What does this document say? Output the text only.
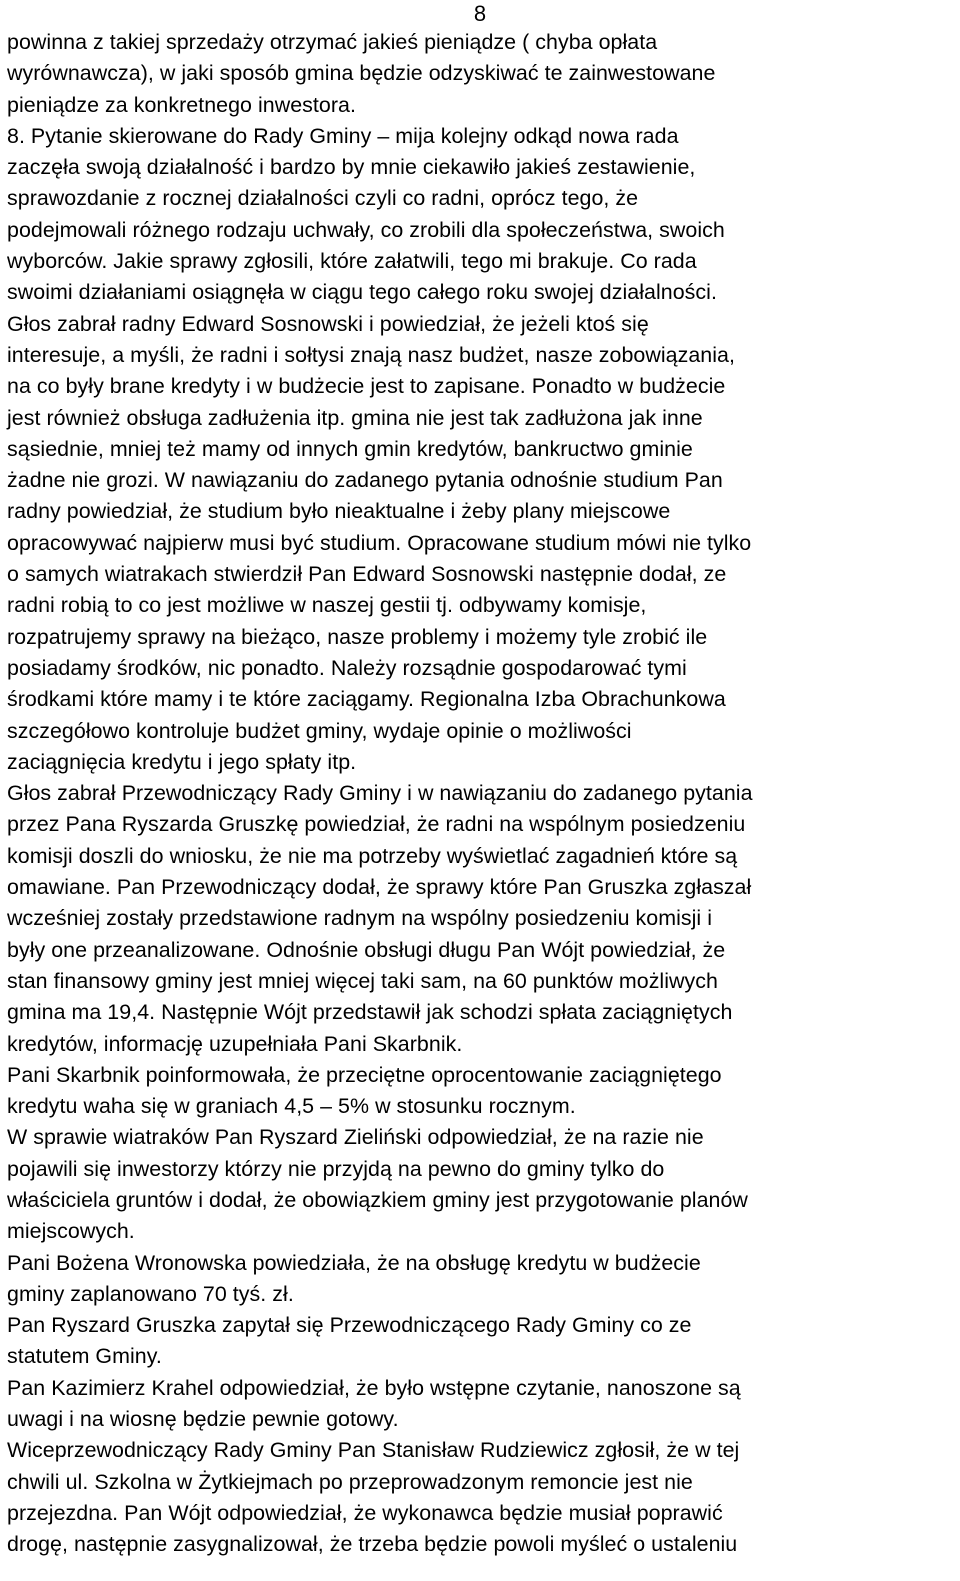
8
powinna z takiej sprzedaży otrzymać jakieś pieniądze ( chyba opłata
wyrównawcza), w jaki sposób gmina będzie odzyskiwać te zainwestowane
pieniądze za konkretnego inwestora.
8. Pytanie skierowane do Rady Gminy – mija kolejny odkąd nowa rada
zaczęła swoją działalność i bardzo by mnie ciekawiło jakieś zestawienie,
sprawozdanie z rocznej działalności czyli co radni, oprócz tego, że
podejmowali różnego rodzaju uchwały, co zrobili dla społeczeństwa, swoich
wyborców. Jakie sprawy zgłosili, które załatwili, tego mi brakuje. Co rada
swoimi działaniami osiągnęła w ciągu tego całego roku swojej działalności.
Głos zabrał radny Edward Sosnowski i powiedział, że jeżeli ktoś się
interesuje, a myśli, że radni i sołtysi znają nasz budżet, nasze zobowiązania,
na co były brane kredyty i w budżecie jest to zapisane. Ponadto w budżecie
jest również obsługa zadłużenia itp. gmina nie jest tak zadłużona jak inne
sąsiednie, mniej też mamy od innych gmin kredytów, bankructwo gminie
żadne nie grozi. W nawiązaniu do zadanego pytania odnośnie studium Pan
radny powiedział, że studium było nieaktualne i żeby plany miejscowe
opracowywać najpierw musi być studium. Opracowane studium mówi nie tylko
o samych wiatrakach stwierdził Pan Edward Sosnowski następnie dodał, ze
radni robią to co jest możliwe w naszej gestii tj. odbywamy komisje,
rozpatrujemy sprawy na bieżąco, nasze problemy i możemy tyle zrobić ile
posiadamy środków, nic ponadto. Należy rozsądnie gospodarować tymi
środkami które mamy i te które zaciągamy. Regionalna Izba Obrachunkowa
szczegółowo kontroluje budżet gminy, wydaje opinie o możliwości
zaciągnięcia kredytu i jego spłaty itp.
Głos zabrał Przewodniczący Rady Gminy i w nawiązaniu do zadanego pytania
przez Pana Ryszarda Gruszkę powiedział, że radni na wspólnym posiedzeniu
komisji doszli do wniosku, że nie ma potrzeby wyświetlać zagadnień które są
omawiane. Pan Przewodniczący dodał, że sprawy które Pan Gruszka zgłaszał
wcześniej zostały przedstawione radnym na wspólny posiedzeniu komisji i
były one przeanalizowane. Odnośnie obsługi długu Pan Wójt powiedział, że
stan finansowy gminy jest mniej więcej taki sam, na 60 punktów możliwych
gmina ma 19,4. Następnie Wójt przedstawił jak schodzi spłata zaciągniętych
kredytów, informację uzupełniała Pani Skarbnik.
Pani Skarbnik poinformowała, że przeciętne oprocentowanie zaciągniętego
kredytu waha się w graniach 4,5 – 5% w stosunku rocznym.
W sprawie wiatraków Pan Ryszard Zieliński odpowiedział, że na razie nie
pojawili się inwestorzy którzy nie przyjdą na pewno do gminy tylko do
właściciela gruntów i dodał, że obowiązkiem gminy jest przygotowanie planów
miejscowych.
Pani Bożena Wronowska powiedziała, że na obsługę kredytu w budżecie
gminy zaplanowano 70 tyś. zł.
Pan Ryszard Gruszka zapytał się Przewodniczącego Rady Gminy co ze
statutem Gminy.
Pan Kazimierz Krahel odpowiedział, że było wstępne czytanie, nanoszone są
uwagi i na wiosnę będzie pewnie gotowy.
Wiceprzewodniczący Rady Gminy Pan Stanisław Rudziewicz zgłosił, że w tej
chwili ul. Szkolna w Żytkiejmach po przeprowadzonym remoncie jest nie
przejezdna. Pan Wójt odpowiedział, że wykonawca będzie musiał poprawić
drogę, następnie zasygnalizował, że trzeba będzie powoli myśleć o ustaleniu
